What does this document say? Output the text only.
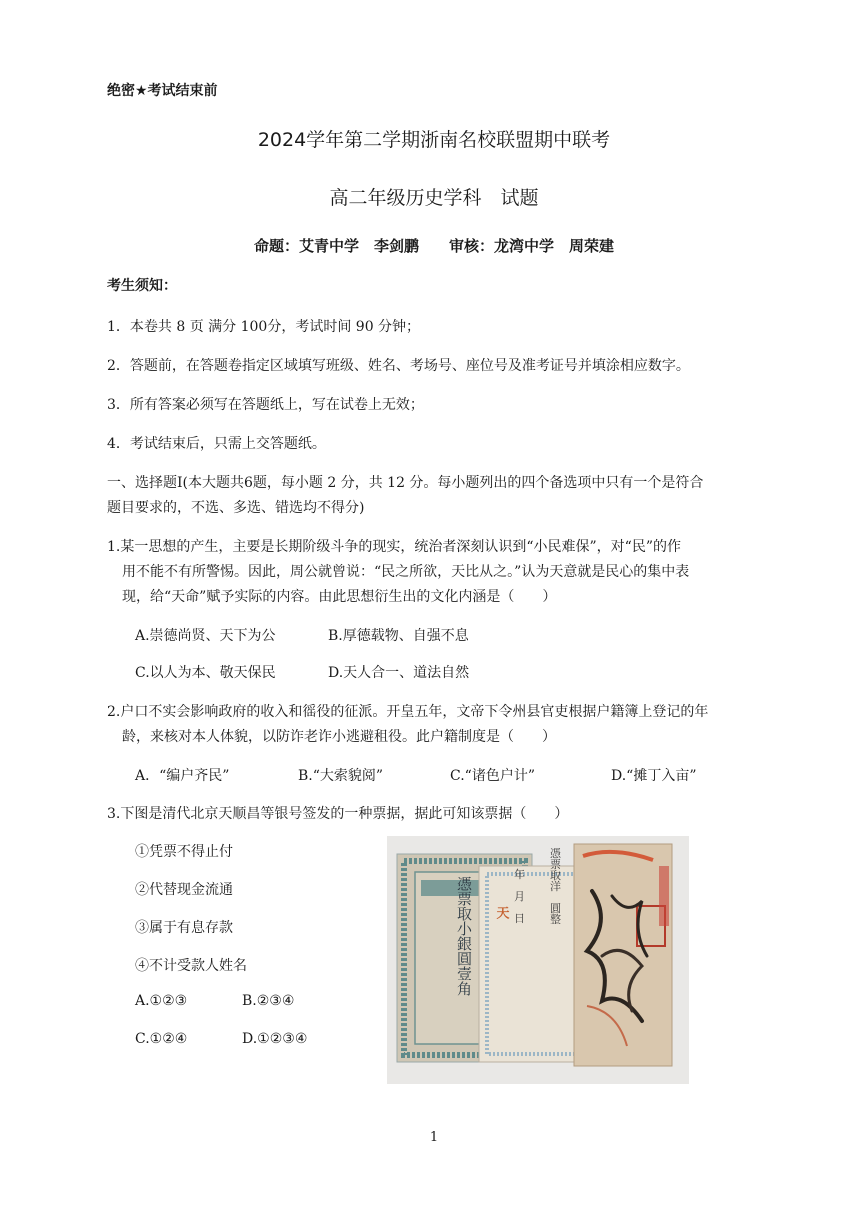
绝密★考试结束前
2024学年第二学期浙南名校联盟期中联考
高二年级历史学科　试题
命题：艾青中学　李剑鹏　　审核：龙湾中学　周荣建
考生须知：
1．本卷共 8 页 满分 100分，考试时间 90 分钟；
2．答题前，在答题卷指定区域填写班级、姓名、考场号、座位号及准考证号并填涂相应数字。
3．所有答案必须写在答题纸上，写在试卷上无效；
4．考试结束后，只需上交答题纸。
一、选择题Ⅰ(本大题共6题，每小题 2 分，共 12 分。每小题列出的四个备选项中只有一个是符合
题目要求的，不选、多选、错选均不得分)
1.某一思想的产生，主要是长期阶级斗争的现实，统治者深刻认识到“小民难保”，对“民”的作
用不能不有所警惕。因此，周公就曾说：“民之所欲，天比从之。”认为天意就是民心的集中表
现，给“天命”赋予实际的内容。由此思想衍生出的文化内涵是（　　）
A.崇德尚贤、天下为公	B.厚德载物、自强不息
C.以人为本、敬天保民	D.天人合一、道法自然
2.户口不实会影响政府的收入和徭役的征派。开皇五年，文帝下令州县官吏根据户籍簿上登记的年
龄，来核对本人体貌，以防诈老诈小逃避租役。此户籍制度是（　　）
A．“编户齐民”	B.“大索貌阅”	C.“诸色户计”	D.“摊丁入亩”
3.下图是清代北京天顺昌等银号签发的一种票据，据此可知该票据（　　）
①凭票不得止付
②代替现金流通
③属于有息存款
④不计受款人姓名
A.①②③	B.②③④
C.①②④	D.①②③④
憑票取小銀圓壹角	年　月　日 憑票取洋　圓整
天
1
